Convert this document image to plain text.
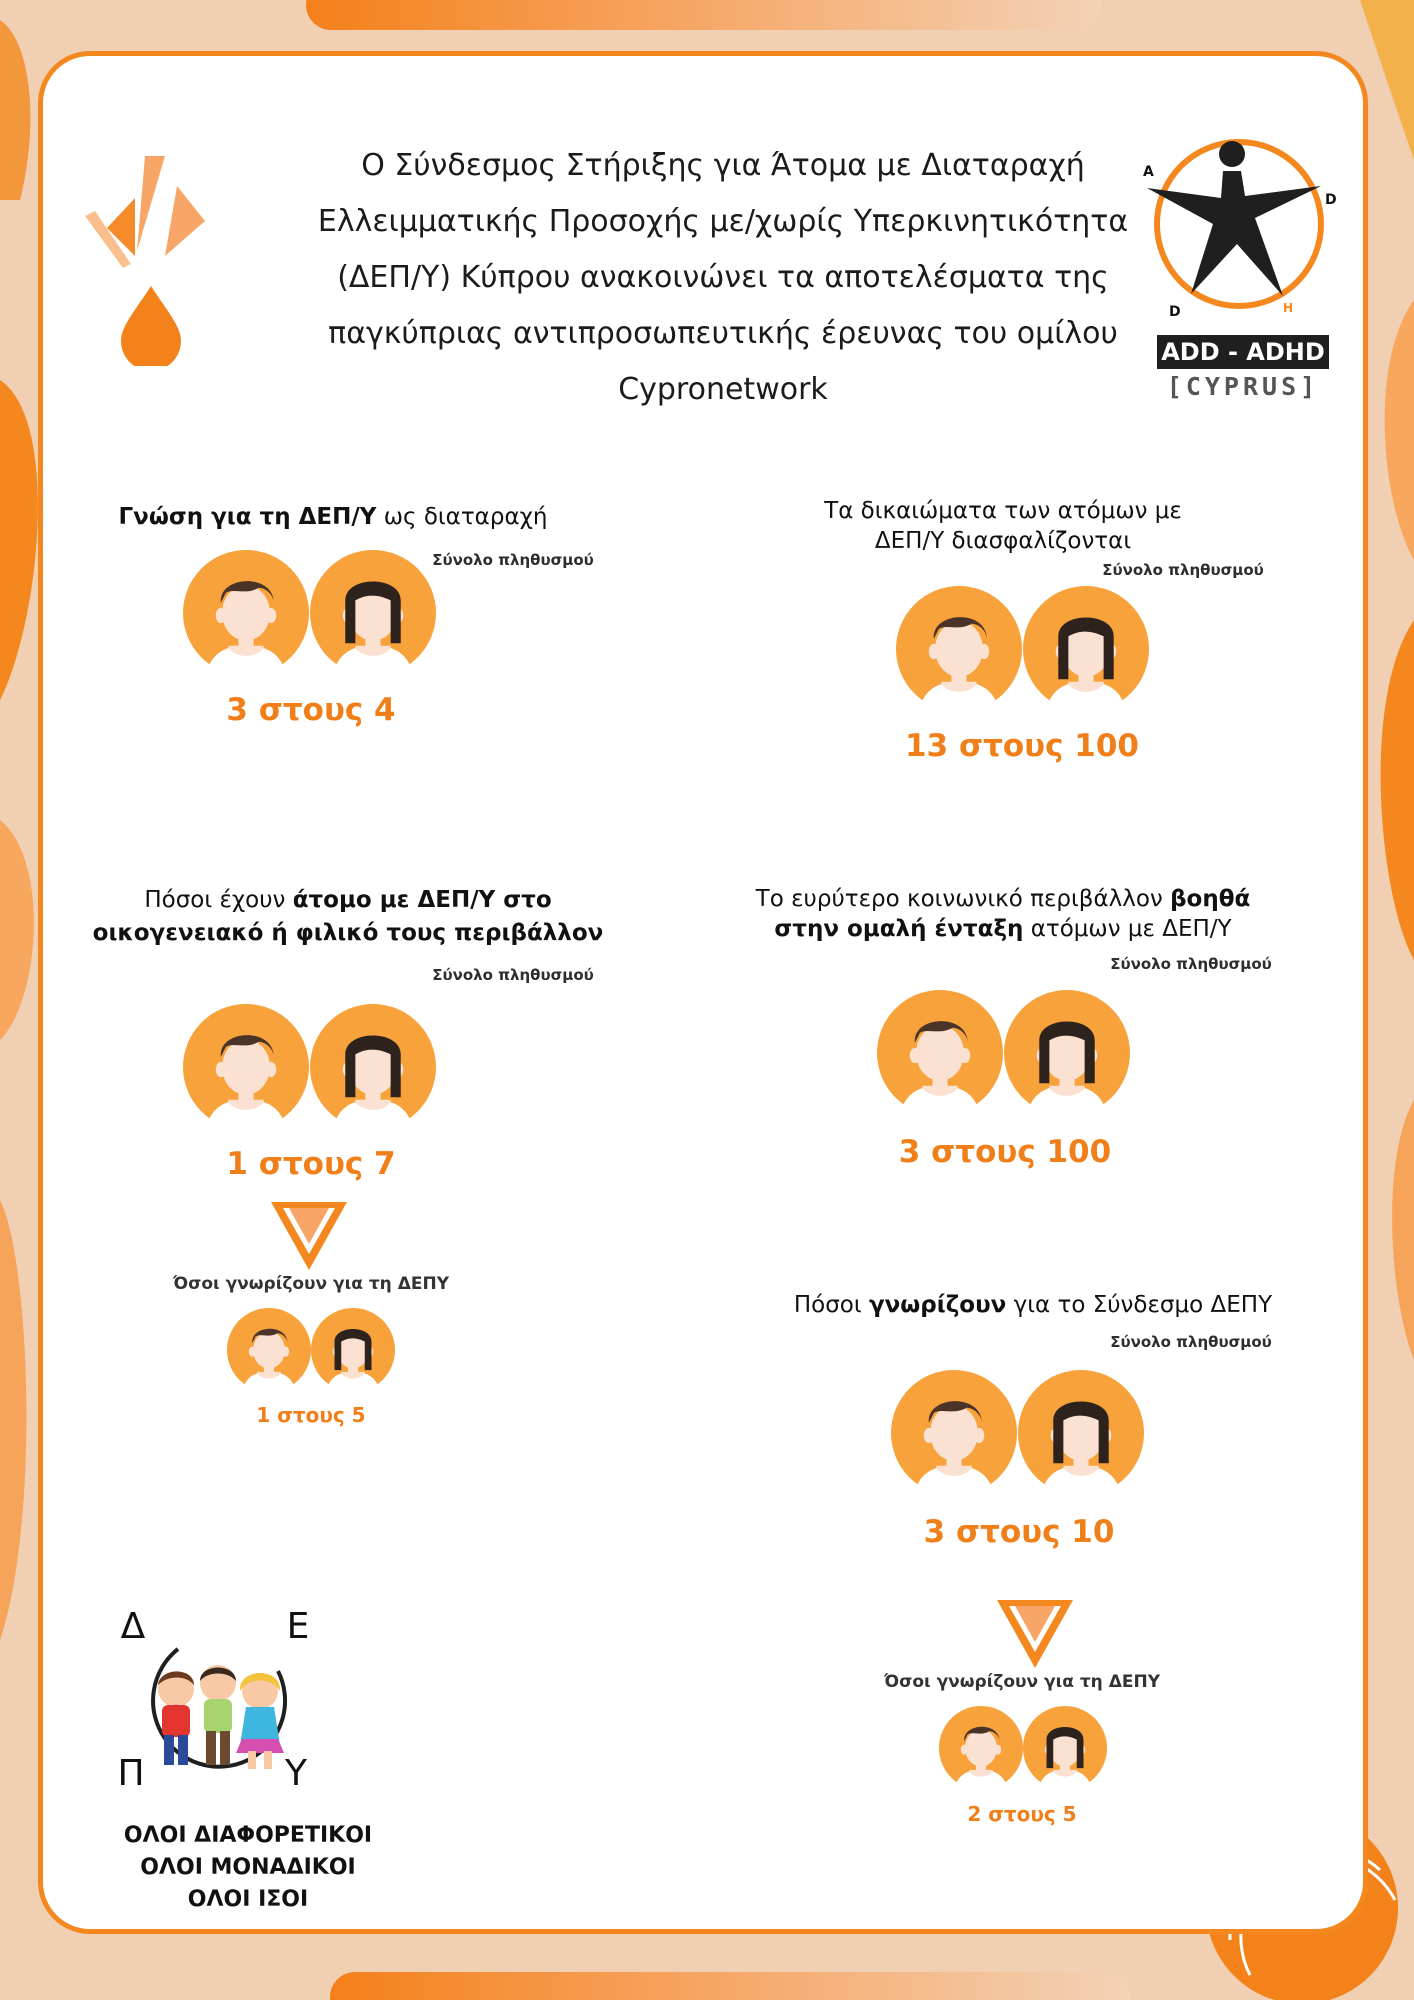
Ο Σύνδεσμος Στήριξης για Άτομα με Διαταραχή
Ελλειμματικής Προσοχής με/χωρίς Υπερκινητικότητα
(ΔΕΠ/Υ) Κύπρου ανακοινώνει τα αποτελέσματα της
παγκύπριας αντιπροσωπευτικής έρευνας του ομίλου
Cypronetwork
A
D
D	H
ADD - ADHD
[CYPRUS]
Γνώση για τη ΔΕΠ/Υ ως διαταραχή
Σύνολο πληθυσμού
3 στους 4
Τα δικαιώματα των ατόμων με
ΔΕΠ/Υ διασφαλίζονται
Σύνολο πληθυσμού
13 στους 100
Πόσοι έχουν άτομο με ΔΕΠ/Υ στο
οικογενειακό ή φιλικό τους περιβάλλον
Σύνολο πληθυσμού
1 στους 7
Όσοι γνωρίζουν για τη ΔΕΠΥ
1 στους 5
Το ευρύτερο κοινωνικό περιβάλλον βοηθά
στην ομαλή ένταξη ατόμων με ΔΕΠ/Υ
Σύνολο πληθυσμού
3 στους 100
Πόσοι γνωρίζουν για το Σύνδεσμο ΔΕΠΥ
Σύνολο πληθυσμού
3 στους 10
Όσοι γνωρίζουν για τη ΔΕΠΥ
2 στους 5
Δ	Ε
Π	Υ
ΟΛΟΙ ΔΙΑΦΟΡΕΤΙΚΟΙ
ΟΛΟΙ ΜΟΝΑΔΙΚΟΙ
ΟΛΟΙ ΙΣΟΙ
